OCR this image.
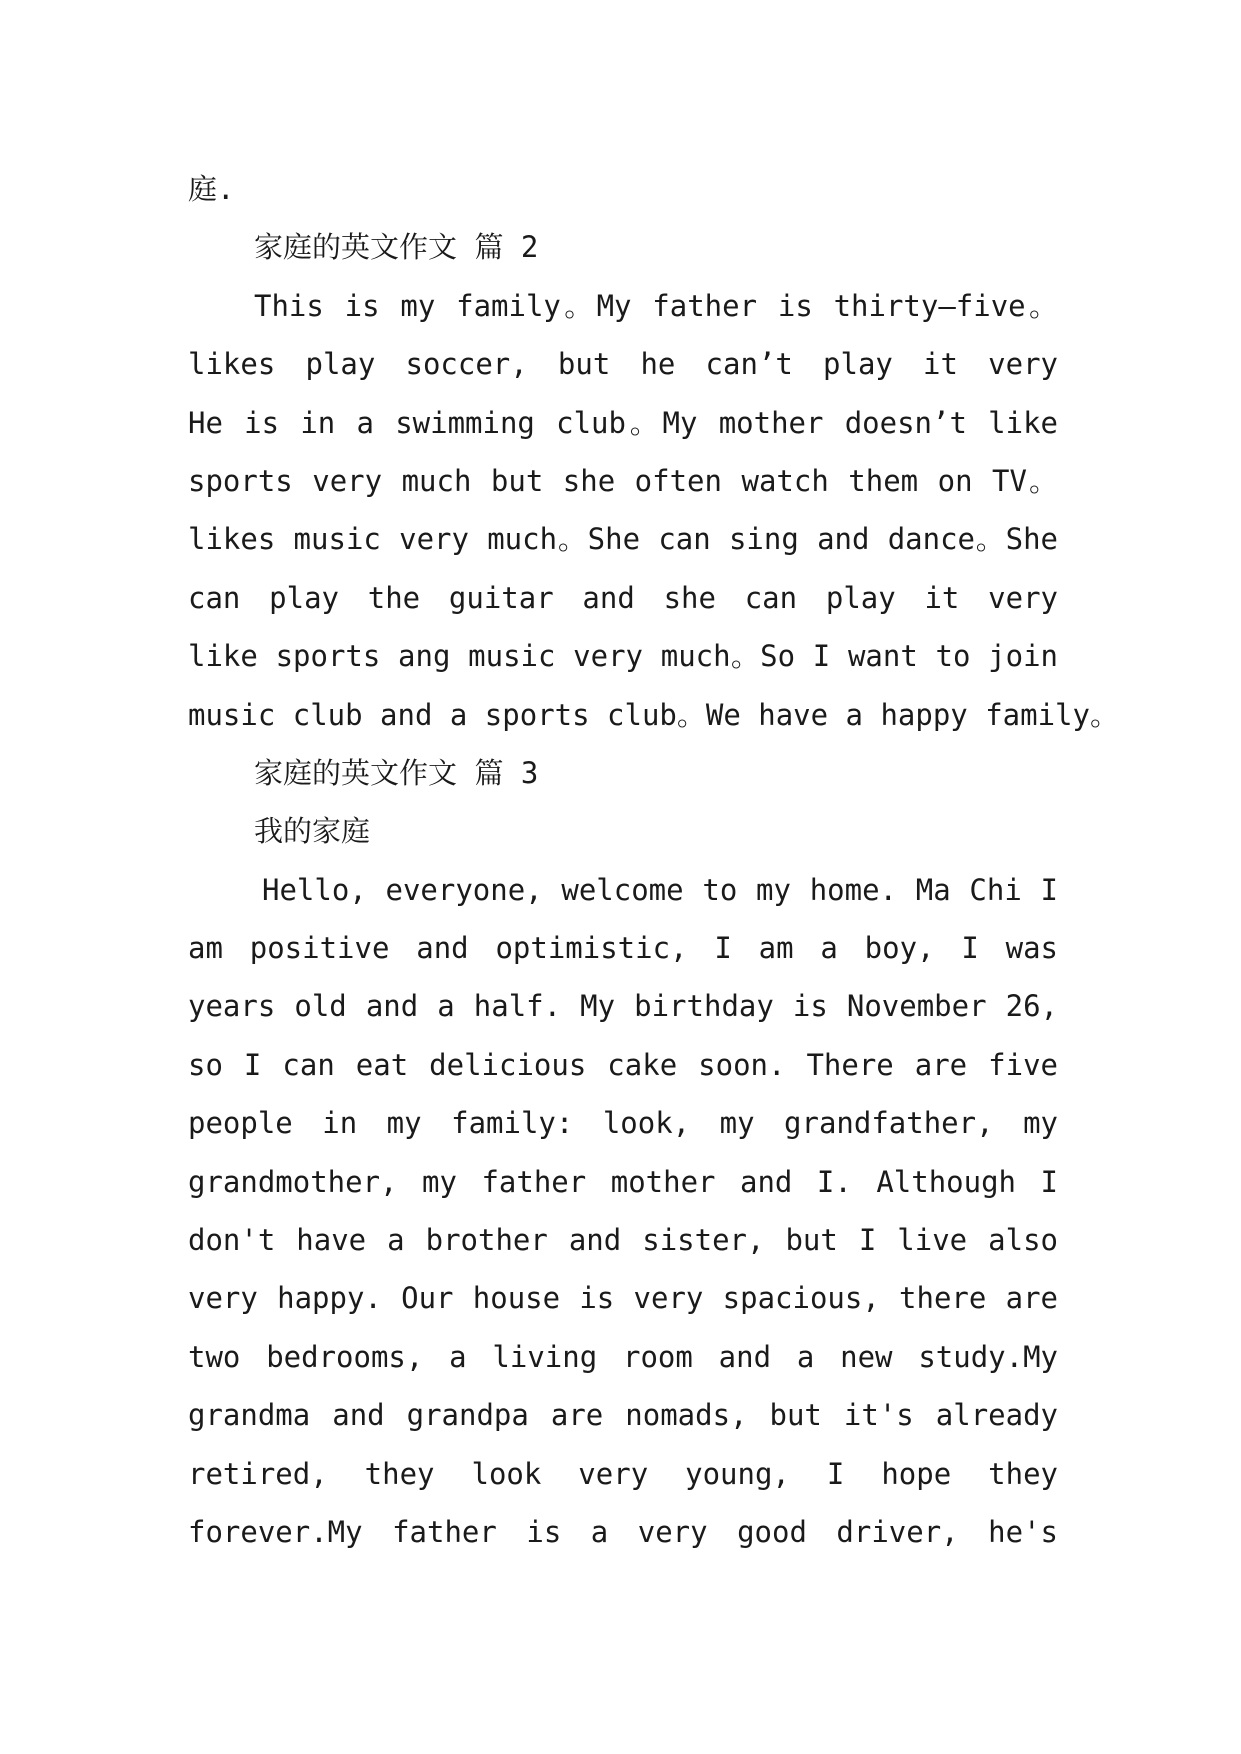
庭.
家庭的英文作文 篇 2
This is my family。My father is thirty—five。
likes play soccer, but he can’t play it very
He is in a swimming club。My mother doesn’t like
sports very much but she often watch them on TV。
likes music very much。She can sing and dance。She
can play the guitar and she can play it very
like sports ang music very much。So I want to join
music club and a sports club。We have a happy family。
家庭的英文作文 篇 3
我的家庭
Hello, everyone, welcome to my home. Ma Chi I
am positive and optimistic, I am a boy, I was
years old and a half. My birthday is November 26,
so I can eat delicious cake soon. There are five
people in my family: look, my grandfather, my
grandmother, my father mother and I. Although I
don't have a brother and sister, but I live also
very happy. Our house is very spacious, there are
two bedrooms, a living room and a new study.My
grandma and grandpa are nomads, but it's already
retired, they look very young, I hope they
forever.My father is a very good driver, he's
